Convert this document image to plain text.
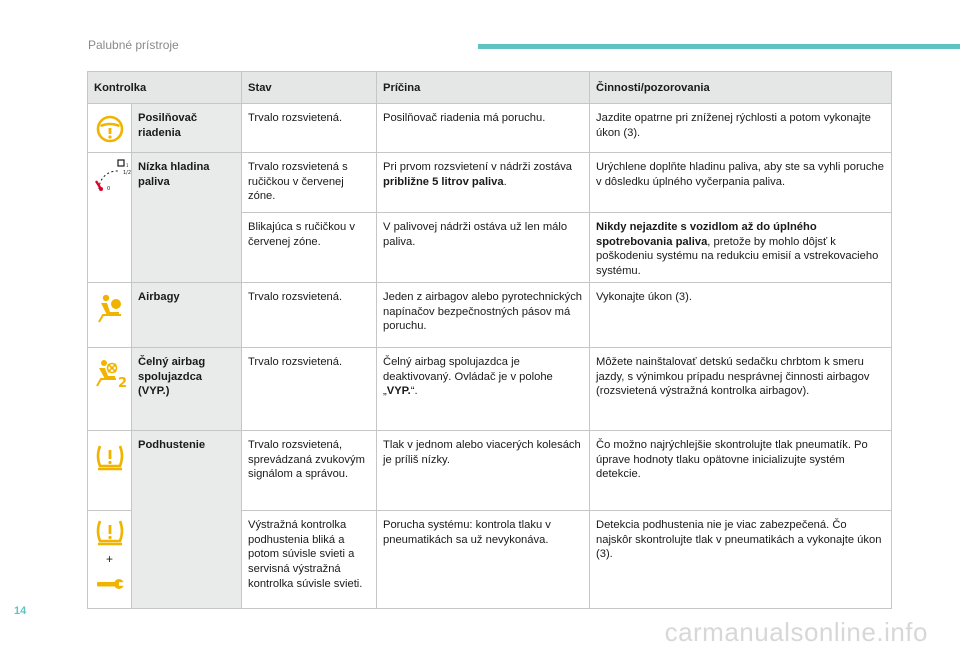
Palubné prístroje
Kontrolka		Stav	Príčina	Činnosti/pozorovania

Posilňovač
riadenia	Trvalo rozsvietená.	Posilňovač riadenia má poruchu.	Jazdite opatrne pri zníženej rýchlosti a potom vykonajte úkon (3).

1/2
0
1	Nízka hladina
paliva	Trvalo rozsvietená s ručičkou v červenej zóne.	Pri prvom rozsvietení v nádrži zostáva približne 5 litrov paliva.	Urýchlene doplňte hladinu paliva, aby ste sa vyhli poruche v dôsledku úplného vyčerpania paliva.
		Blikajúca s ručičkou v červenej zóne.	V palivovej nádrži ostáva už len málo paliva.	Nikdy nejazdite s vozidlom až do úplného spotrebovania paliva, pretože by mohlo dôjsť k poškodeniu systému na redukciu emisií a vstrekovacieho systému.

Airbagy	Trvalo rozsvietená.	Jeden z airbagov alebo pyrotechnických napínačov bezpečnostných pásov má poruchu.	Vykonajte úkon (3).

2	Čelný airbag
spolujazdca
(VYP.)	Trvalo rozsvietená.	Čelný airbag spolujazdca je deaktivovaný. Ovládač je v polohe „VYP.“.	Môžete nainštalovať detskú sedačku chrbtom k smeru jazdy, s výnimkou prípadu nesprávnej činnosti airbagov (rozsvietená výstražná kontrolka airbagov).

Podhustenie	Trvalo rozsvietená, sprevádzaná zvukovým signálom a správou.	Tlak v jednom alebo viacerých kolesách je príliš nízky.	Čo možno najrýchlejšie skontrolujte tlak pneumatík. Po úprave hodnoty tlaku opätovne inicializujte systém detekcie.

+		Výstražná kontrolka podhustenia bliká a potom súvisle svieti a servisná výstražná kontrolka súvisle svieti.	Porucha systému: kontrola tlaku v pneumatikách sa už nevykonáva.	Detekcia podhustenia nie je viac zabezpečená. Čo najskôr skontrolujte tlak v pneumatikách a vykonajte úkon (3).
14
carmanualsonline.info
